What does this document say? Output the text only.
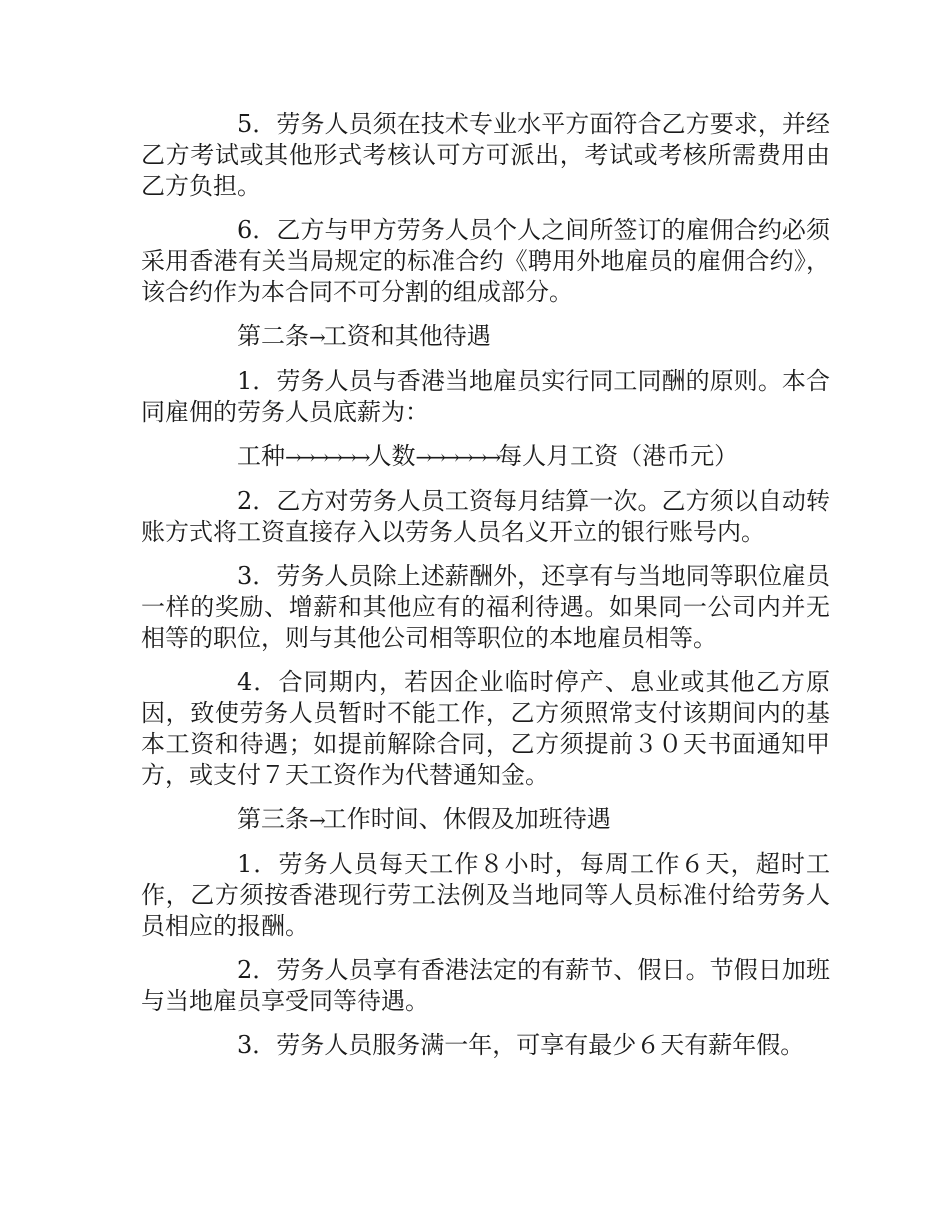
5．劳务人员须在技术专业水平方面符合乙方要求，并经乙方考试或其他形式考核认可方可派出，考试或考核所需费用由乙方负担。

6．乙方与甲方劳务人员个人之间所签订的雇佣合约必须采用香港有关当局规定的标准合约《聘用外地雇员的雇佣合约》，该合约作为本合同不可分割的组成部分。

第二条→工资和其他待遇

1．劳务人员与香港当地雇员实行同工同酬的原则。本合同雇佣的劳务人员底薪为：

工种→→→→→→人数→→→→→→每人月工资（港币元）

2．乙方对劳务人员工资每月结算一次。乙方须以自动转账方式将工资直接存入以劳务人员名义开立的银行账号内。

3．劳务人员除上述薪酬外，还享有与当地同等职位雇员一样的奖励、增薪和其他应有的福利待遇。如果同一公司内并无相等的职位，则与其他公司相等职位的本地雇员相等。

4．合同期内，若因企业临时停产、息业或其他乙方原因，致使劳务人员暂时不能工作，乙方须照常支付该期间内的基本工资和待遇；如提前解除合同，乙方须提前３０天书面通知甲方，或支付７天工资作为代替通知金。

第三条→工作时间、休假及加班待遇

1．劳务人员每天工作８小时，每周工作６天，超时工作，乙方须按香港现行劳工法例及当地同等人员标准付给劳务人员相应的报酬。

2．劳务人员享有香港法定的有薪节、假日。节假日加班与当地雇员享受同等待遇。

3．劳务人员服务满一年，可享有最少６天有薪年假。
